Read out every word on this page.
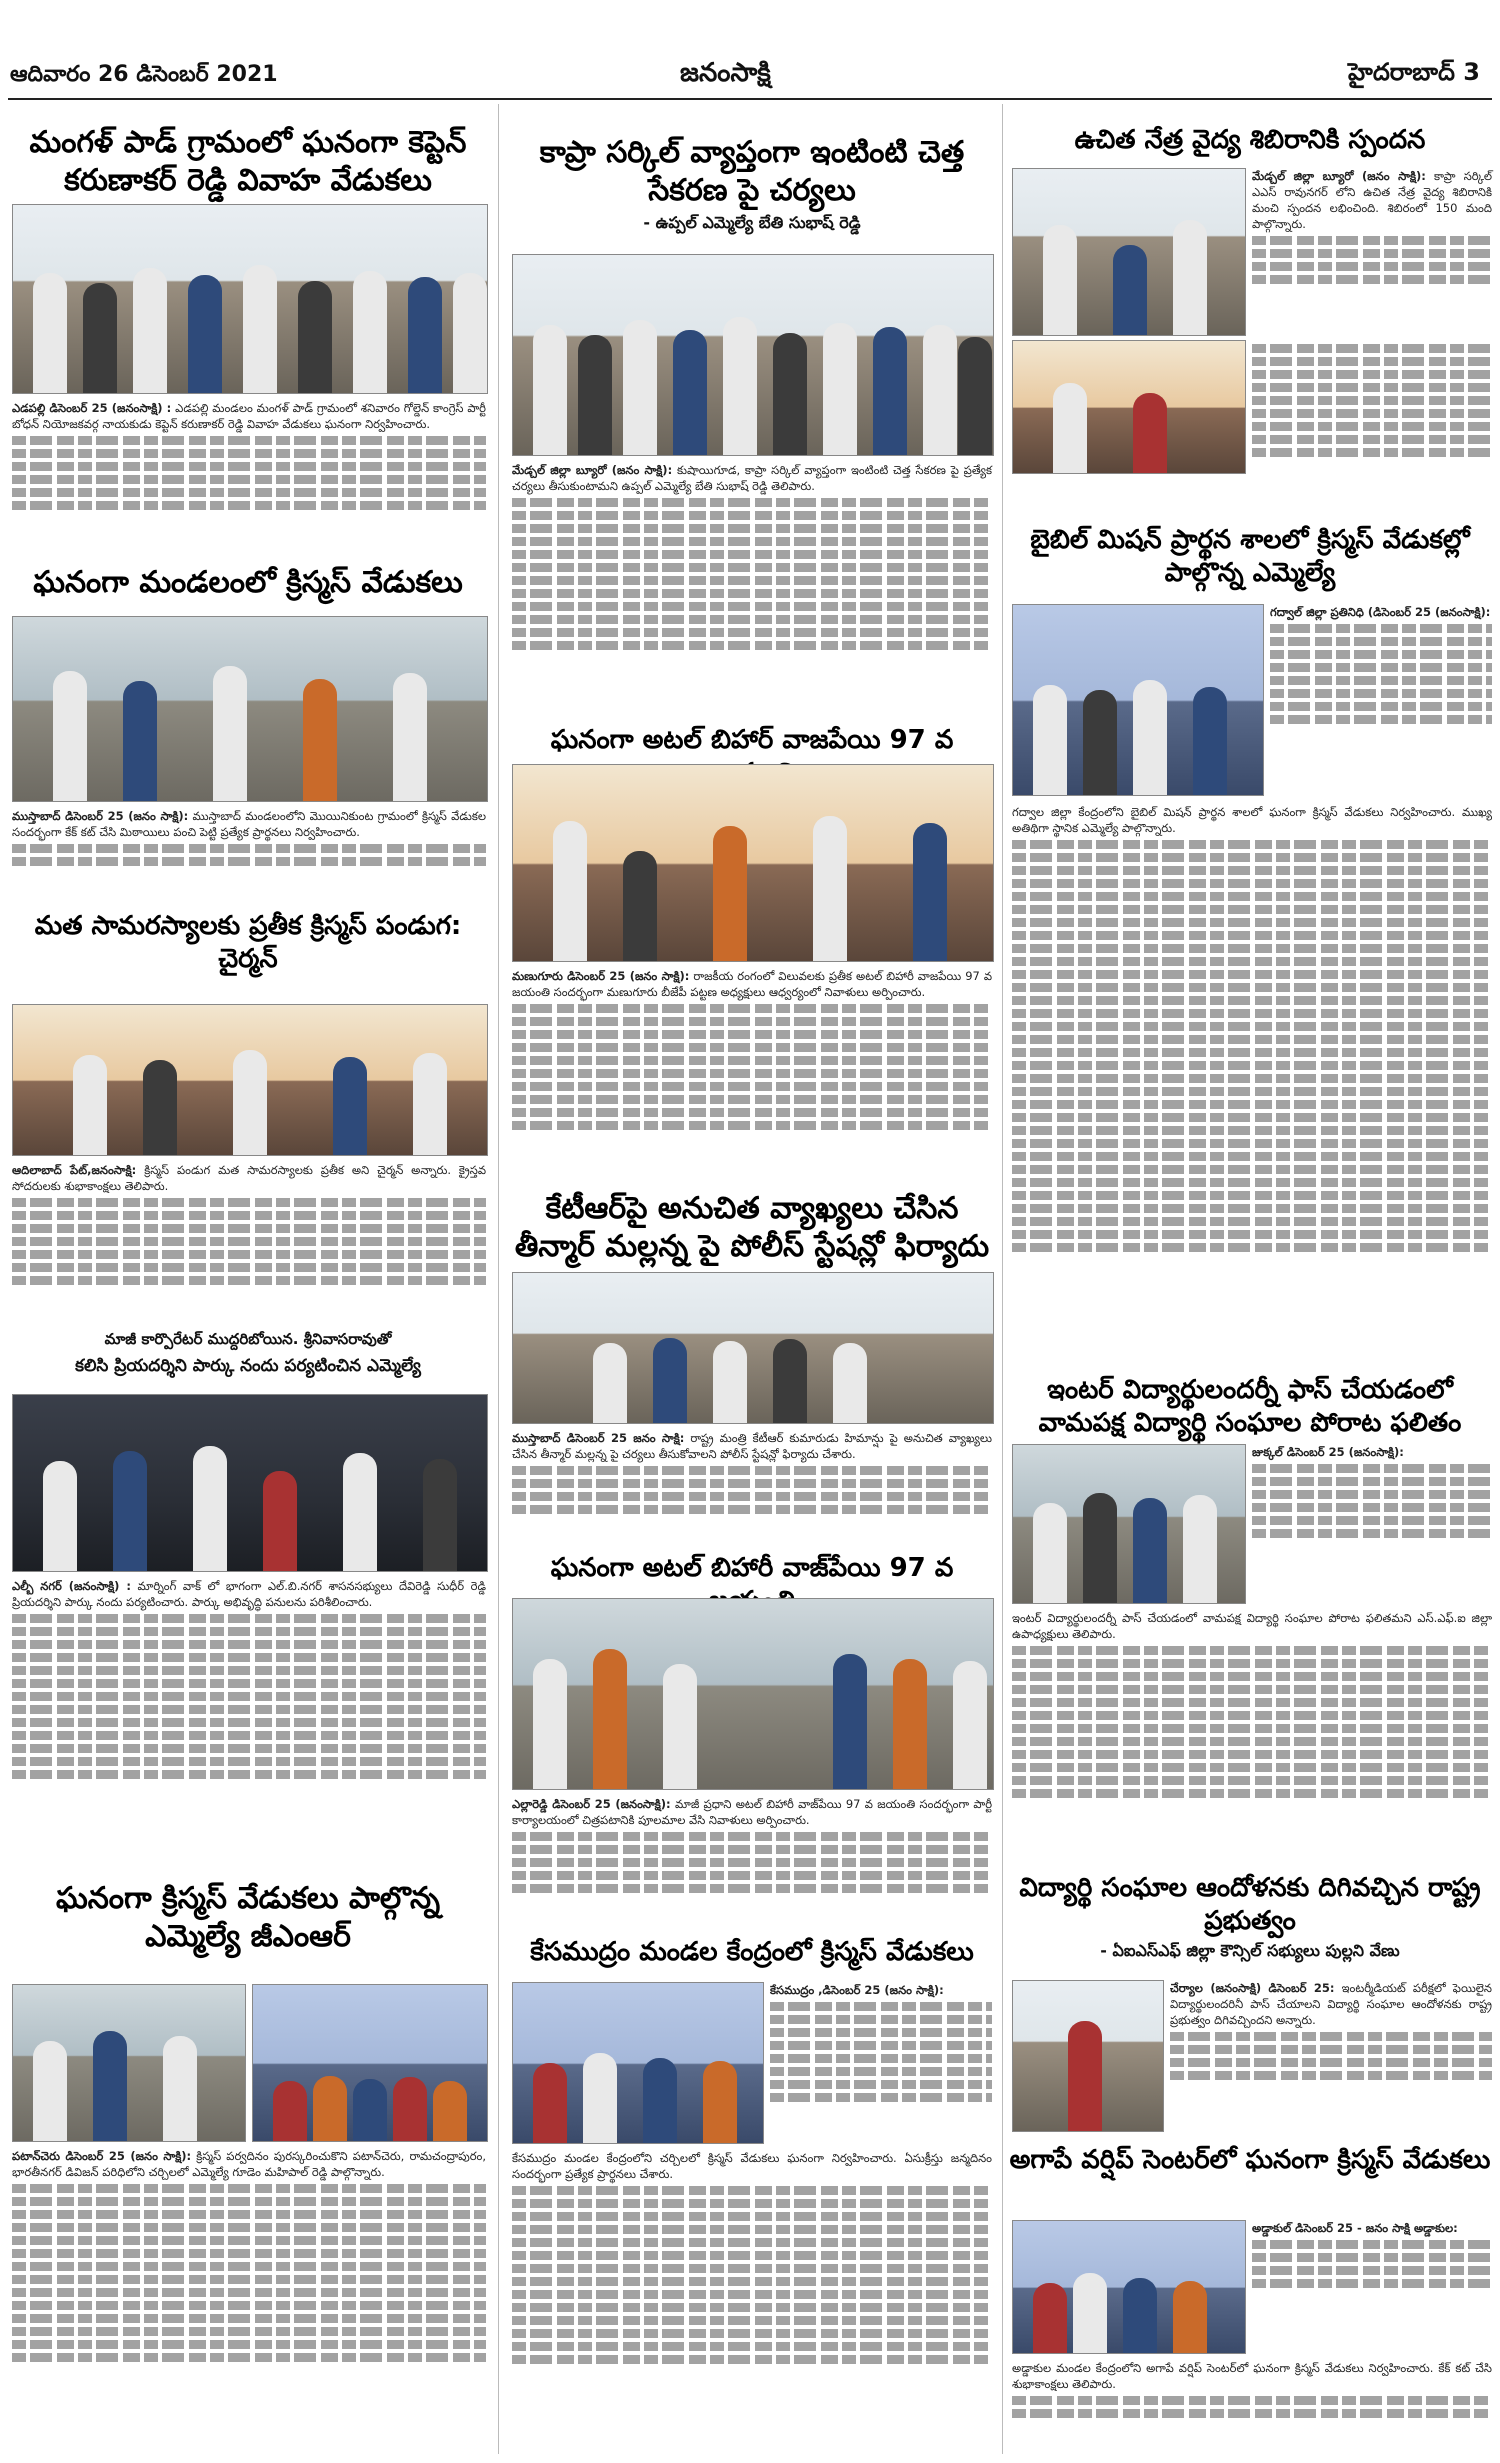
ఆదివారం 26 డిసెంబర్ 2021	జనంసాక్షి	హైదరాబాద్ 3
మంగళ్ పాడ్ గ్రామంలో ఘనంగా కెప్టెన్ కరుణాకర్ రెడ్డి వివాహ వేడుకలు
ఎడపల్లి డిసెంబర్ 25 (జనంసాక్షి) : ఎడపల్లి మండలం మంగళ్ పాడ్ గ్రామంలో శనివారం గోల్డెన్ కాంగ్రెస్ పార్టీ బోధన్ నియోజకవర్గ నాయకుడు కెప్టెన్ కరుణాకర్ రెడ్డి వివాహ వేడుకలు ఘనంగా నిర్వహించారు.
ఘనంగా మండలంలో క్రిస్మస్ వేడుకలు
ముస్తాబాద్ డిసెంబర్ 25 (జనం సాక్షి): ముస్తాబాద్ మండలంలోని మొయినికుంట గ్రామంలో క్రిస్మస్ వేడుకల సందర్భంగా కేక్ కట్ చేసి మిఠాయిలు పంచి పెట్టి ప్రత్యేక ప్రార్థనలు నిర్వహించారు.
మత సామరస్యాలకు ప్రతీక క్రిస్మస్ పండుగ: చైర్మన్
ఆదిలాబాద్ పేట్,జనంసాక్షి: క్రిస్మస్ పండుగ మత సామరస్యాలకు ప్రతీక అని చైర్మన్ అన్నారు. క్రైస్తవ సోదరులకు శుభాకాంక్షలు తెలిపారు.
మాజీ కార్పొరేటర్ ముద్దరిబోయిన. శ్రీనివాసరావుతో
కలిసి ప్రియదర్శిని పార్కు నందు పర్యటించిన ఎమ్మెల్యే
ఎల్బీ నగర్ (జనంసాక్షి) : మార్నింగ్ వాక్ లో భాగంగా ఎల్.బి.నగర్ శాసనసభ్యులు దేవిరెడ్డి సుధీర్ రెడ్డి ప్రియదర్శిని పార్కు నందు పర్యటించారు. పార్కు అభివృద్ధి పనులను పరిశీలించారు.
ఘనంగా క్రిస్మస్ వేడుకలు పాల్గొన్న ఎమ్మెల్యే జీఎంఆర్
పటాన్‌చెరు డిసెంబర్ 25 (జనం సాక్షి): క్రిస్మస్ పర్వదినం పురస్కరించుకొని పటాన్‌చెరు, రామచంద్రాపురం, భారతీనగర్ డివిజన్ పరిధిలోని చర్చిలలో ఎమ్మెల్యే గూడెం మహిపాల్ రెడ్డి పాల్గొన్నారు.
కాప్రా సర్కిల్ వ్యాప్తంగా ఇంటింటి చెత్త సేకరణ పై చర్యలు
- ఉప్పల్ ఎమ్మెల్యే బేతి సుభాష్ రెడ్డి
మేడ్చల్ జిల్లా బ్యూరో (జనం సాక్షి): కుషాయిగూడ, కాప్రా సర్కిల్ వ్యాప్తంగా ఇంటింటి చెత్త సేకరణ పై ప్రత్యేక చర్యలు తీసుకుంటామని ఉప్పల్ ఎమ్మెల్యే బేతి సుభాష్ రెడ్డి తెలిపారు.
ఘనంగా అటల్ బిహార్ వాజపేయి 97 వ
మణుగూరు డిసెంబర్ 25 (జనం సాక్షి): రాజకీయ రంగంలో విలువలకు ప్రతీక అటల్ బిహారీ వాజపేయి 97 వ జయంతి సందర్భంగా మణుగూరు బీజేపీ పట్టణ అధ్యక్షులు ఆధ్వర్యంలో నివాళులు అర్పించారు.
కేటీఆర్‌పై అనుచిత వ్యాఖ్యలు చేసిన తీన్మార్ మల్లన్న పై పోలీస్ స్టేషన్లో ఫిర్యాదు
ముస్తాబాద్ డిసెంబర్ 25 జనం సాక్షి: రాష్ట్ర మంత్రి కేటీఆర్ కుమారుడు హిమాన్షు పై అనుచిత వ్యాఖ్యలు చేసిన తీన్మార్ మల్లన్న పై చర్యలు తీసుకోవాలని పోలీస్ స్టేషన్లో ఫిర్యాదు చేశారు.
ఘనంగా అటల్ బిహారీ వాజ్‌పేయి 97 వ
ఎల్లారెడ్డి డిసెంబర్ 25 (జనంసాక్షి): మాజీ ప్రధాని అటల్ బిహారీ వాజ్‌పేయి 97 వ జయంతి సందర్భంగా పార్టీ కార్యాలయంలో చిత్రపటానికి పూలమాల వేసి నివాళులు అర్పించారు.
కేసముద్రం మండల కేంద్రంలో క్రిస్మస్ వేడుకలు
కేసముద్రం ,డిసెంబర్ 25 (జనం సాక్షి):
కేసముద్రం మండల కేంద్రంలోని చర్చిలలో క్రిస్మస్ వేడుకలు ఘనంగా నిర్వహించారు. ఏసుక్రీస్తు జన్మదినం సందర్భంగా ప్రత్యేక ప్రార్థనలు చేశారు.
ఉచిత నేత్ర వైద్య శిబిరానికి స్పందన
మేడ్చల్ జిల్లా బ్యూరో (జనం సాక్షి): కాప్రా సర్కిల్ ఎఎస్ రావునగర్ లోని ఉచిత నేత్ర వైద్య శిబిరానికి మంచి స్పందన లభించింది. శిబిరంలో 150 మంది పాల్గొన్నారు.
బైబిల్ మిషన్ ప్రార్థన శాలలో క్రిస్మస్ వేడుకల్లో పాల్గొన్న ఎమ్మెల్యే
గద్వాల్ జిల్లా ప్రతినిధి (డిసెంబర్ 25 (జనంసాక్షి):
గద్వాల జిల్లా కేంద్రంలోని బైబిల్ మిషన్ ప్రార్థన శాలలో ఘనంగా క్రిస్మస్ వేడుకలు నిర్వహించారు. ముఖ్య అతిథిగా స్థానిక ఎమ్మెల్యే పాల్గొన్నారు.
ఇంటర్ విద్యార్థులందర్నీ ఫాస్ చేయడంలో వామపక్ష విద్యార్థి సంఘాల పోరాట ఫలితం
జుక్కల్ డిసెంబర్ 25 (జనంసాక్షి):
ఇంటర్ విద్యార్థులందర్నీ పాస్ చేయడంలో వామపక్ష విద్యార్థి సంఘాల పోరాట ఫలితమని ఎస్.ఎఫ్.ఐ జిల్లా ఉపాధ్యక్షులు తెలిపారు.
విద్యార్థి సంఘాల ఆందోళనకు దిగివచ్చిన రాష్ట్ర ప్రభుత్వం
- ఏఐఎస్‌ఎఫ్ జిల్లా కౌన్సిల్ సభ్యులు పుల్లని వేణు
చేర్యాల (జనంసాక్షి) డిసెంబర్ 25: ఇంటర్మీడియట్ పరీక్షలో ఫెయిలైన విద్యార్థులందరినీ పాస్ చేయాలని విద్యార్థి సంఘాల ఆందోళనకు రాష్ట్ర ప్రభుత్వం దిగివచ్చిందని అన్నారు.
అగాపే వర్షిప్ సెంటర్‌లో ఘనంగా క్రిస్మస్ వేడుకలు
అడ్డాకుల్ డిసెంబర్ 25 - జనం సాక్షి అడ్డాకుల:
అడ్డాకుల మండల కేంద్రంలోని అగాపే వర్షిప్ సెంటర్‌లో ఘనంగా క్రిస్మస్ వేడుకలు నిర్వహించారు. కేక్ కట్ చేసి శుభాకాంక్షలు తెలిపారు.
